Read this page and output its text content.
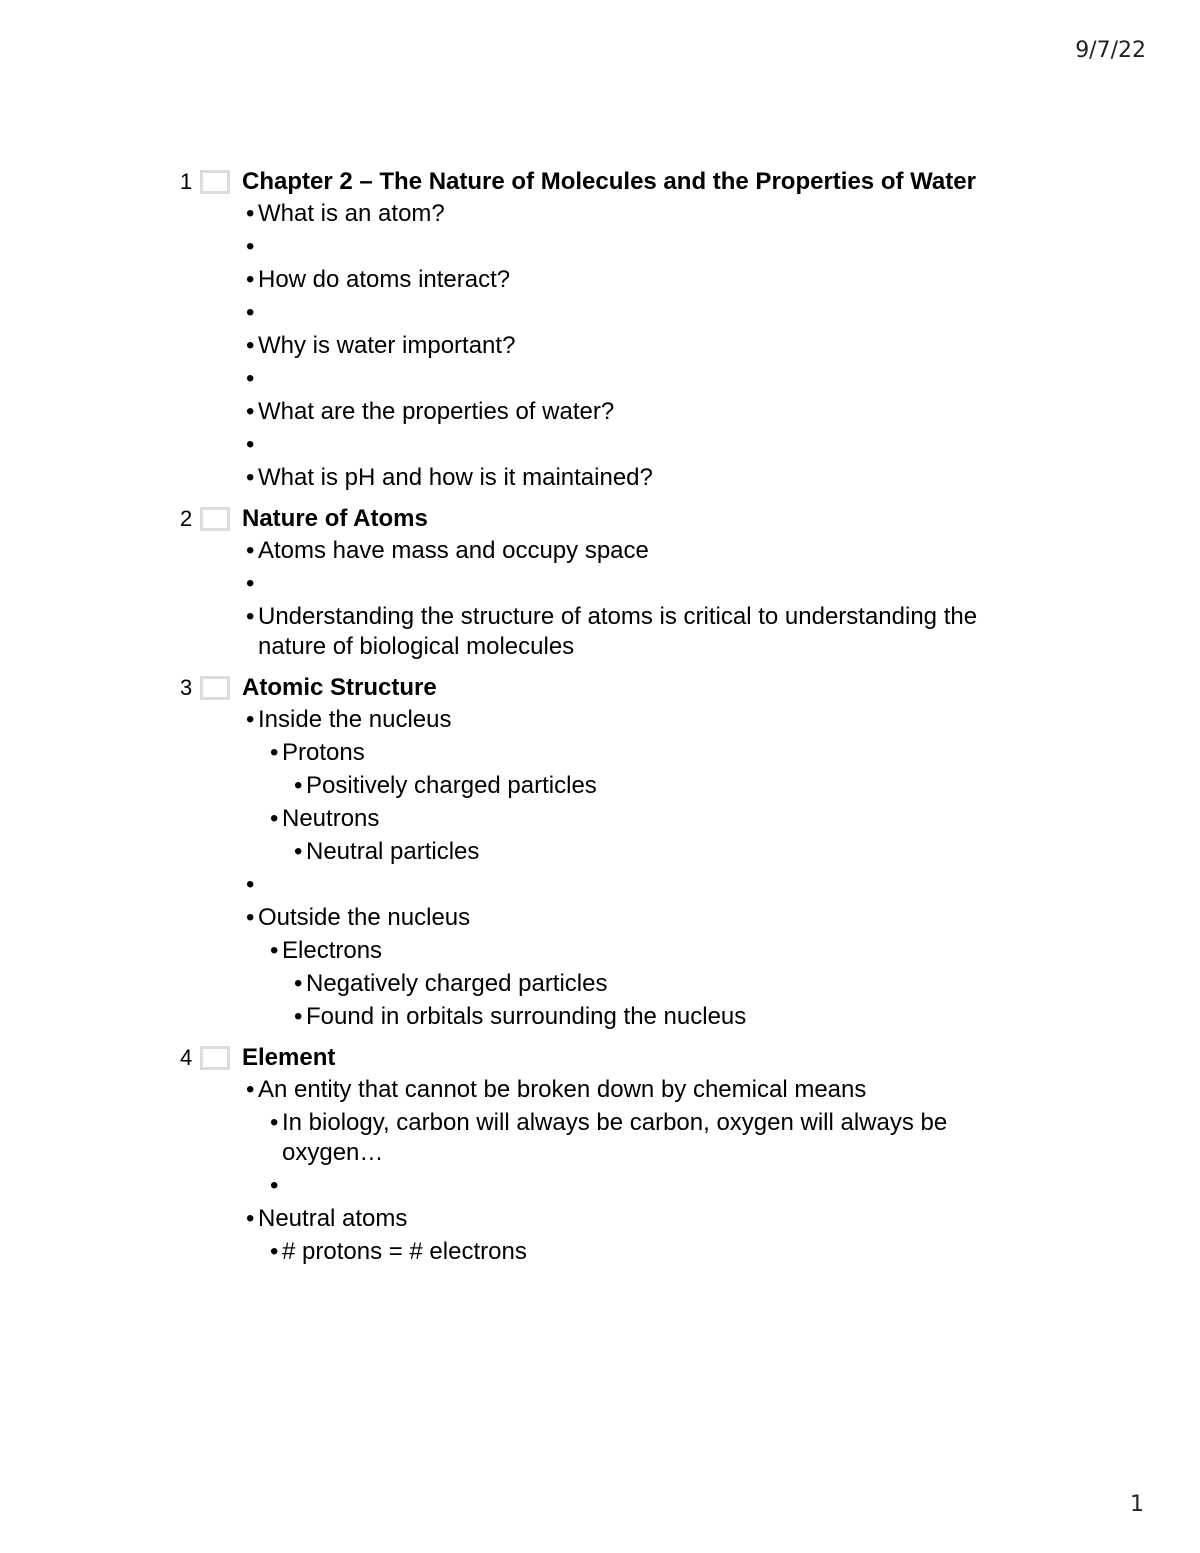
9/7/22
1	Chapter 2 – The Nature of Molecules and the Properties of Water
• What is an atom?
•
• How do atoms interact?
•
• Why is water important?
•
• What are the properties of water?
•
• What is pH and how is it maintained?
2	Nature of Atoms
• Atoms have mass and occupy space
•
• Understanding the structure of atoms is critical to understanding the nature of biological molecules
3	Atomic Structure
• Inside the nucleus
• Protons
• Positively charged particles
• Neutrons
• Neutral particles
•
• Outside the nucleus
• Electrons
• Negatively charged particles
• Found in orbitals surrounding the nucleus
4	Element
• An entity that cannot be broken down by chemical means
• In biology, carbon will always be carbon, oxygen will always be oxygen…
•
• Neutral atoms
• # protons = # electrons
1
